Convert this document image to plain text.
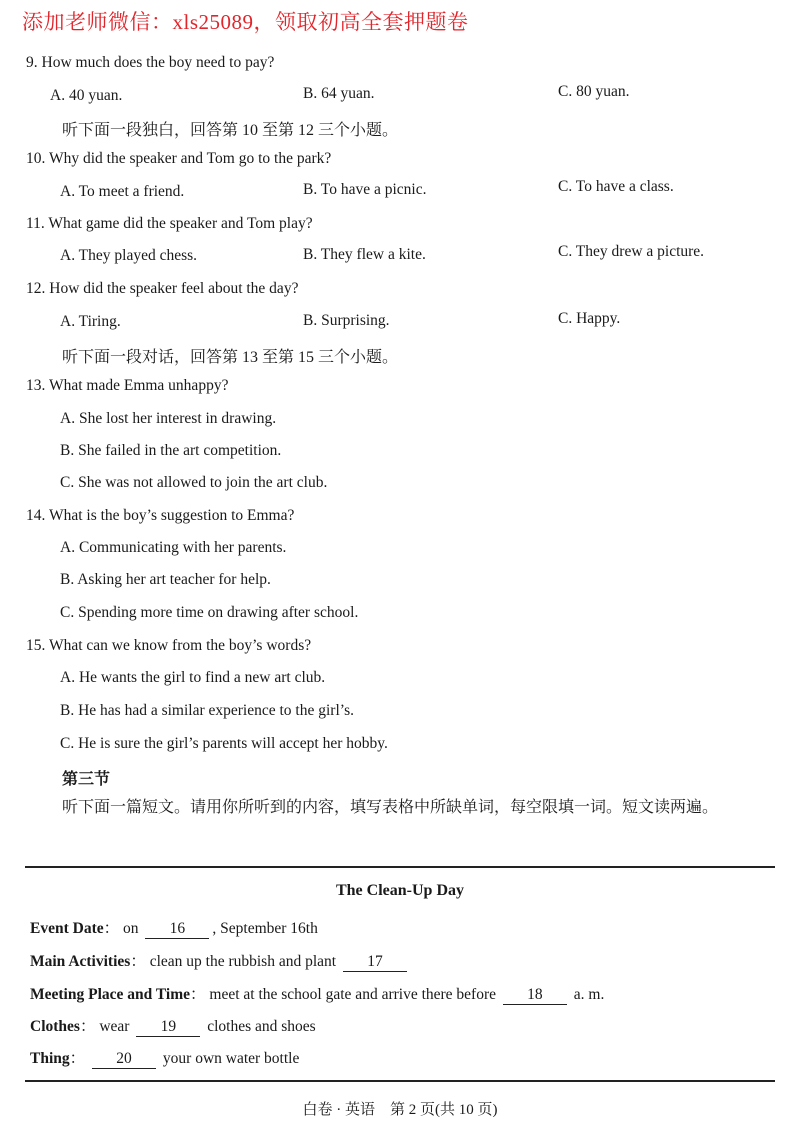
添加老师微信：xls25089，领取初高全套押题卷
9. How much does the boy need to pay?
A. 40 yuan.	B. 64 yuan.	C. 80 yuan.
听下面一段独白，回答第 10 至第 12 三个小题。
10. Why did the speaker and Tom go to the park?
A. To meet a friend.	B. To have a picnic.	C. To have a class.
11. What game did the speaker and Tom play?
A. They played chess.	B. They flew a kite.	C. They drew a picture.
12. How did the speaker feel about the day?
A. Tiring.	B. Surprising.	C. Happy.
听下面一段对话，回答第 13 至第 15 三个小题。
13. What made Emma unhappy?
A. She lost her interest in drawing.
B. She failed in the art competition.
C. She was not allowed to join the art club.
14. What is the boy’s suggestion to Emma?
A. Communicating with her parents.
B. Asking her art teacher for help.
C. Spending more time on drawing after school.
15. What can we know from the boy’s words?
A. He wants the girl to find a new art club.
B. He has had a similar experience to the girl’s.
C. He is sure the girl’s parents will accept her hobby.
第三节
听下面一篇短文。请用你所听到的内容，填写表格中所缺单词，每空限填一词。短文读两遍。
The Clean-Up Day
Event Date： on 16 , September 16th
Main Activities： clean up the rubbish and plant 17
Meeting Place and Time： meet at the school gate and arrive there before 18 a. m.
Clothes： wear 19 clothes and shoes
Thing： 20 your own water bottle
白卷 · 英语　第 2 页(共 10 页)
